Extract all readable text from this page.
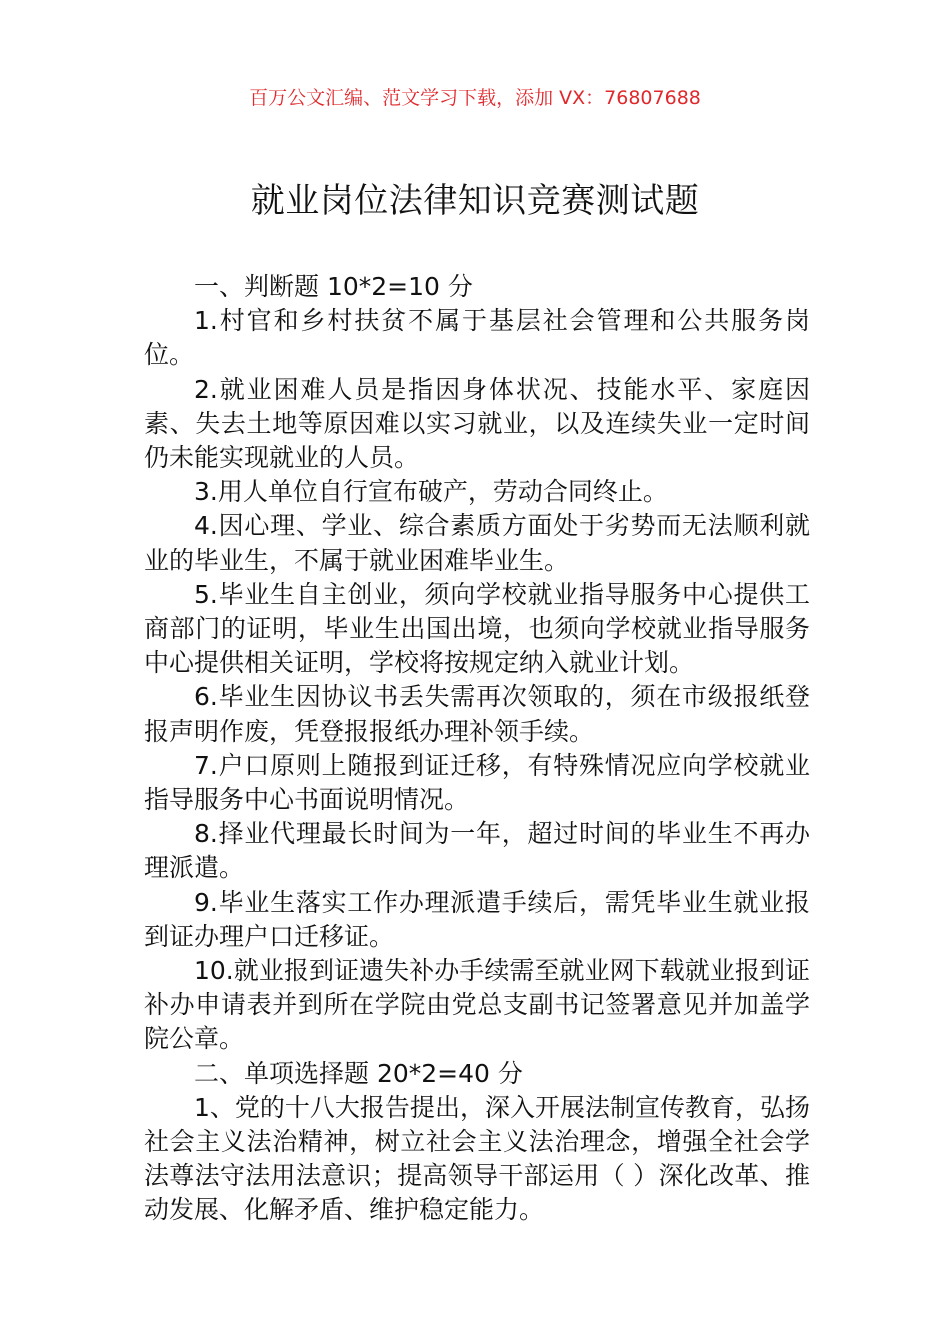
百万公文汇编、范文学习下载，添加 VX：76807688
就业岗位法律知识竞赛测试题

一、判断题 10*2=10 分

1.村官和乡村扶贫不属于基层社会管理和公共服务岗位。

2.就业困难人员是指因身体状况、技能水平、家庭因素、失去土地等原因难以实习就业，以及连续失业一定时间仍未能实现就业的人员。

3.用人单位自行宣布破产，劳动合同终止。

4.因心理、学业、综合素质方面处于劣势而无法顺利就业的毕业生，不属于就业困难毕业生。

5.毕业生自主创业，须向学校就业指导服务中心提供工商部门的证明，毕业生出国出境，也须向学校就业指导服务中心提供相关证明，学校将按规定纳入就业计划。

6.毕业生因协议书丢失需再次领取的，须在市级报纸登报声明作废，凭登报报纸办理补领手续。

7.户口原则上随报到证迁移，有特殊情况应向学校就业指导服务中心书面说明情况。

8.择业代理最长时间为一年，超过时间的毕业生不再办理派遣。

9.毕业生落实工作办理派遣手续后，需凭毕业生就业报到证办理户口迁移证。

10.就业报到证遗失补办手续需至就业网下载就业报到证补办申请表并到所在学院由党总支副书记签署意见并加盖学院公章。

二、单项选择题 20*2=40 分

1、党的十八大报告提出，深入开展法制宣传教育，弘扬社会主义法治精神，树立社会主义法治理念，增强全社会学法尊法守法用法意识；提高领导干部运用（ ）深化改革、推动发展、化解矛盾、维护稳定能力。
